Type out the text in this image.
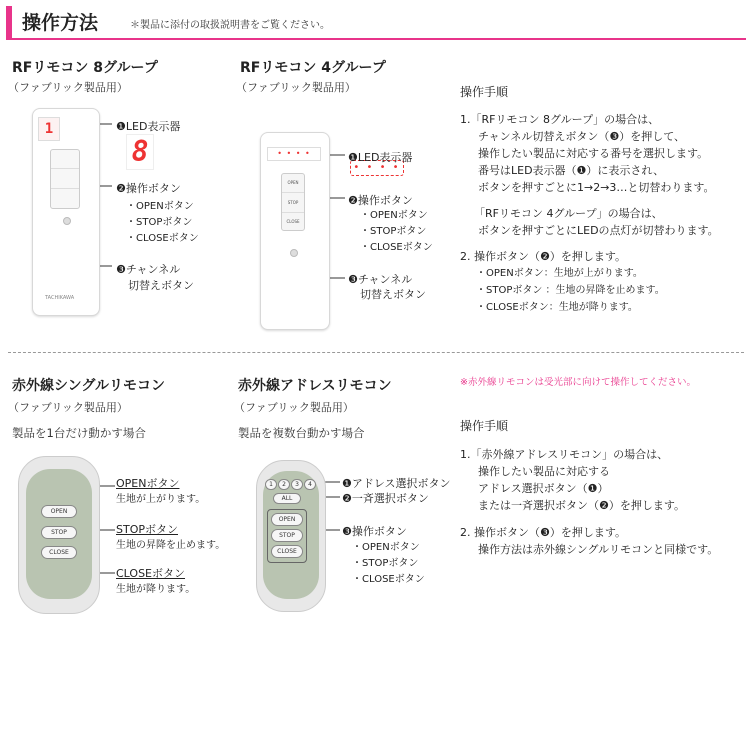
操作方法	＊製品に添付の取扱説明書をご覧ください。
RFリモコン 8グループ
（ファブリック製品用）
1
TACHIKAWA
8
❶LED表示器
❷操作ボタン
・OPENボタン
・STOPボタン
・CLOSEボタン
❸チャンネル
切替えボタン
RFリモコン 4グループ
（ファブリック製品用）
• • • •
OPEN
STOP
CLOSE
• • • •
❶LED表示器
❷操作ボタン
・OPENボタン
・STOPボタン
・CLOSEボタン
❸チャンネル
切替えボタン
操作手順
1.「RFリモコン 8グループ」の場合は、
チャンネル切替えボタン（❸）を押して、
操作したい製品に対応する番号を選択します。
番号はLED表示器（❶）に表示され、
ボタンを押すごとに1→2→3…と切替わります。
「RFリモコン 4グループ」の場合は、
ボタンを押すごとにLEDの点灯が切替わります。
2. 操作ボタン（❷）を押します。
・OPENボタン：生地が上がります。
・STOPボタン ：生地の昇降を止めます。
・CLOSEボタン：生地が降ります。
赤外線シングルリモコン
（ファブリック製品用）
製品を1台だけ動かす場合
OPEN
STOP
CLOSE
OPENボタン
生地が上がります。
STOPボタン
生地の昇降を止めます。
CLOSEボタン
生地が降ります。
赤外線アドレスリモコン
（ファブリック製品用）
製品を複数台動かす場合
1	2	3	4
ALL
OPEN
STOP
CLOSE
❶アドレス選択ボタン
❷一斉選択ボタン
❸操作ボタン
・OPENボタン
・STOPボタン
・CLOSEボタン
※赤外線リモコンは受光部に向けて操作してください。
操作手順
1.「赤外線アドレスリモコン」の場合は、
操作したい製品に対応する
アドレス選択ボタン（❶）
または一斉選択ボタン（❷）を押します。
2. 操作ボタン（❸）を押します。
操作方法は赤外線シングルリモコンと同様です。
